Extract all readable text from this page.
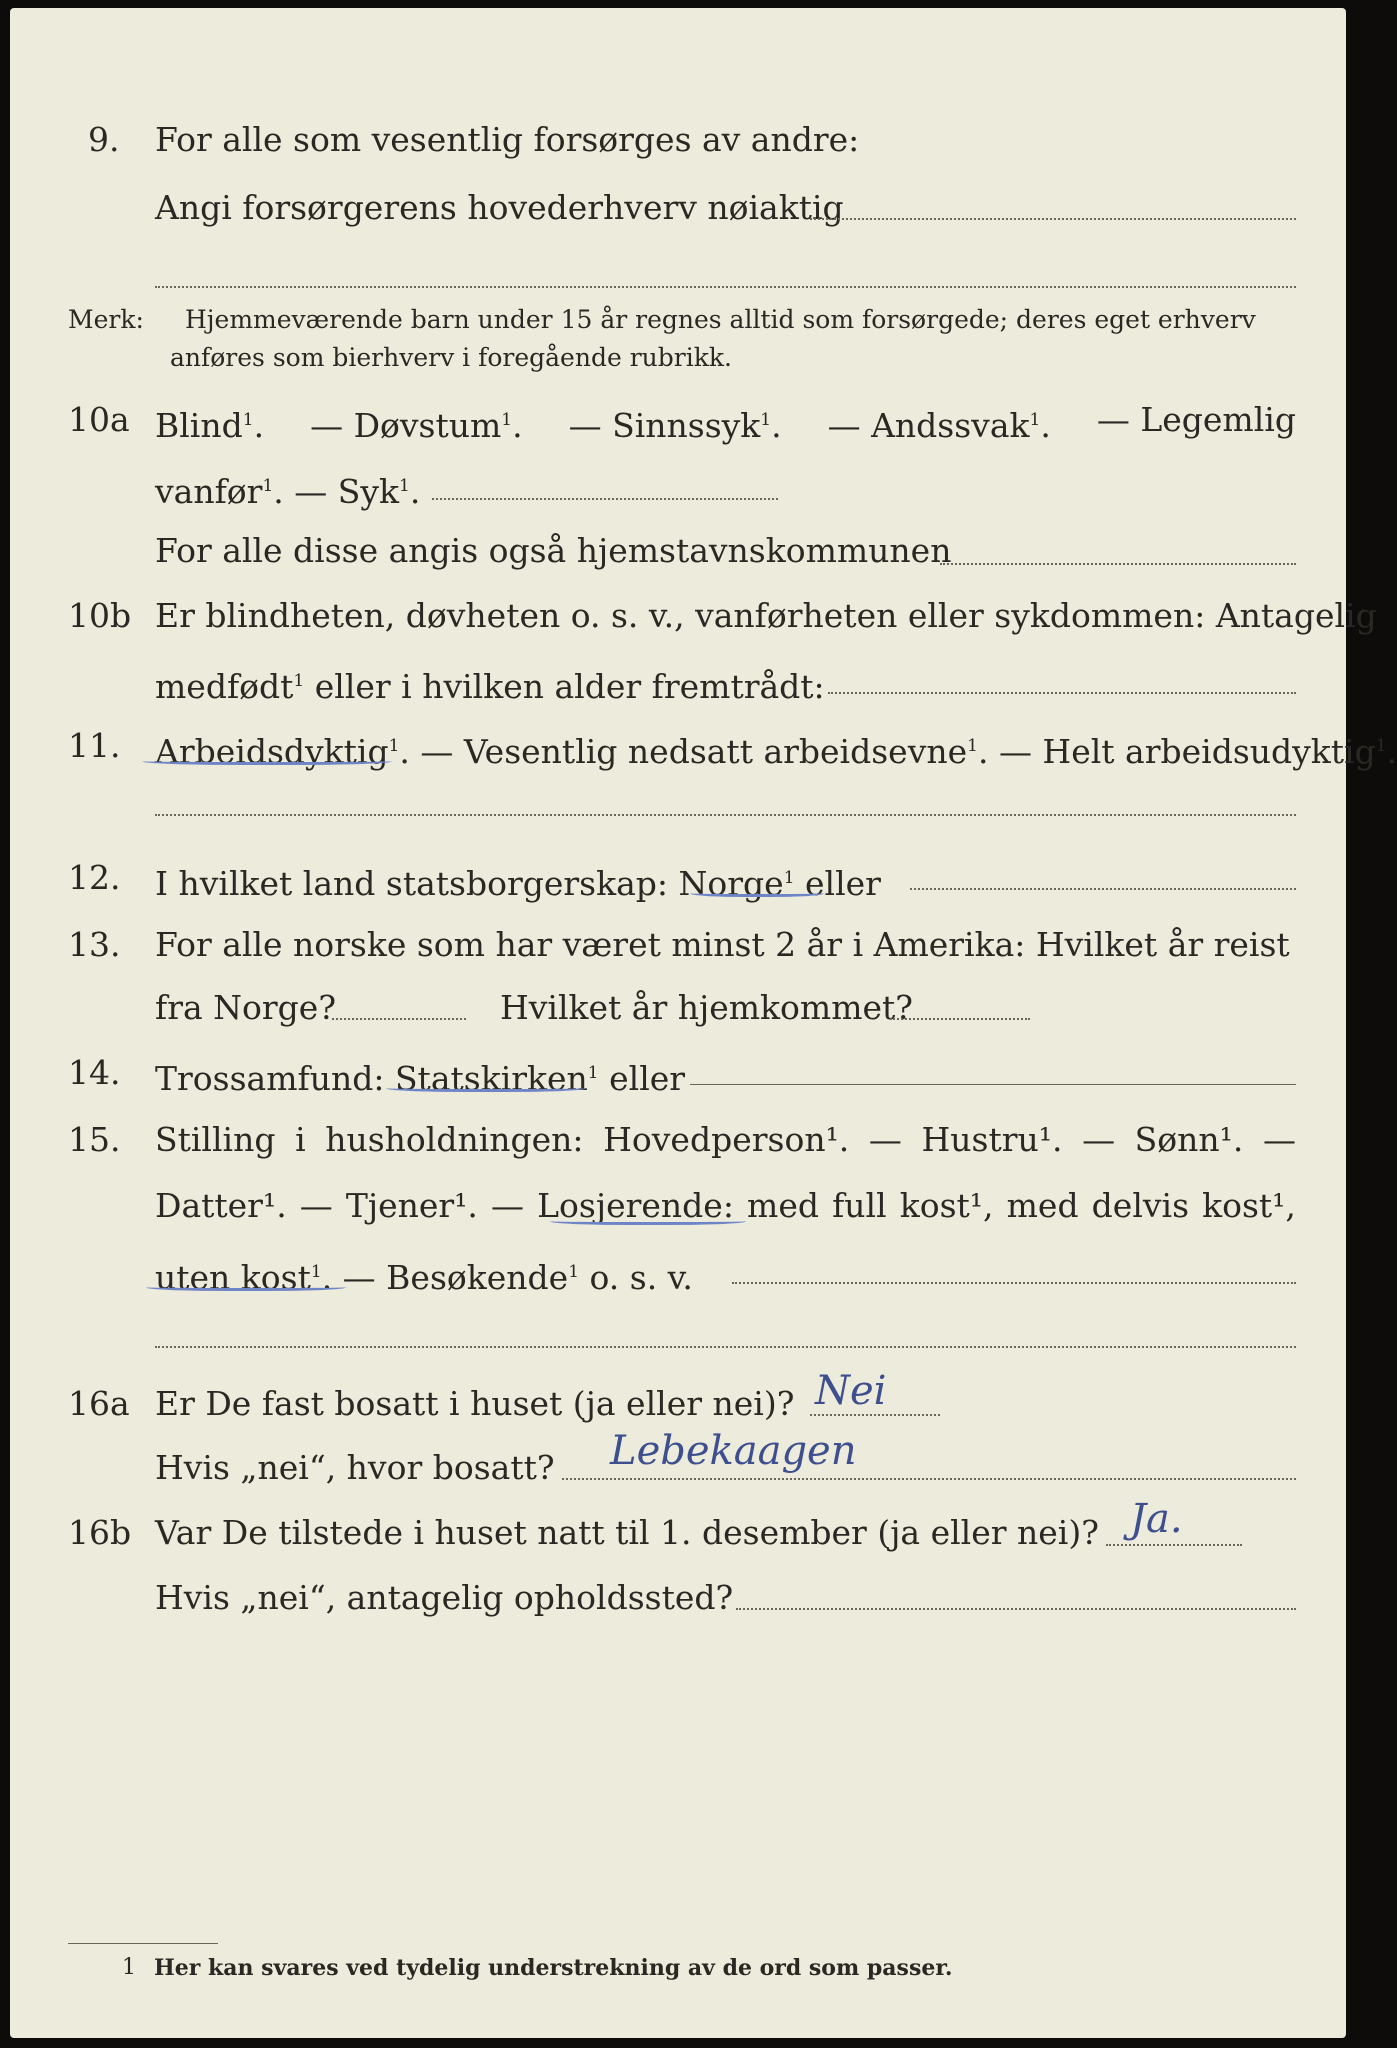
9. For alle som vesentlig forsørges av andre:
Angi forsørgerens hovederhverv nøiaktig
Merk: Hjemmeværende barn under 15 år regnes alltid som forsørgede; deres eget erhverv
anføres som bierhverv i foregående rubrikk.
10a Blind$^1$. — Døvstum$^1$. — Sinnssyk$^1$. — Andssvak$^1$. — Legemlig
vanfør$^1$. — Syk$^1$.
For alle disse angis også hjemstavnskommunen
10b Er blindheten, døvheten o. s. v., vanførheten eller sykdommen: Antagelig
medfødt$^1$ eller i hvilken alder fremtrådt:
11. Arbeidsdyktig$^1$. — Vesentlig nedsatt arbeidsevne$^1$. — Helt arbeidsudyktig$^1$.
12. I hvilket land statsborgerskap: Norge$^1$ eller
13. For alle norske som har været minst 2 år i Amerika: Hvilket år reist
fra Norge?	Hvilket år hjemkommet?
14. Trossamfund: Statskirken$^1$ eller
15. Stilling i husholdningen: Hovedperson¹. — Hustru¹. — Sønn¹. —
Datter¹. — Tjener¹. — Losjerende: med full kost¹, med delvis kost¹,
uten kost$^1$. — Besøkende$^1$ o. s. v.
16a Er De fast bosatt i huset (ja eller nei)? Nei
Hvis „nei“, hvor bosatt? Lebekaagen
16b Var De tilstede i huset natt til 1. desember (ja eller nei)? Ja.
Hvis „nei“, antagelig opholdssted?
1 Her kan svares ved tydelig understrekning av de ord som passer.
